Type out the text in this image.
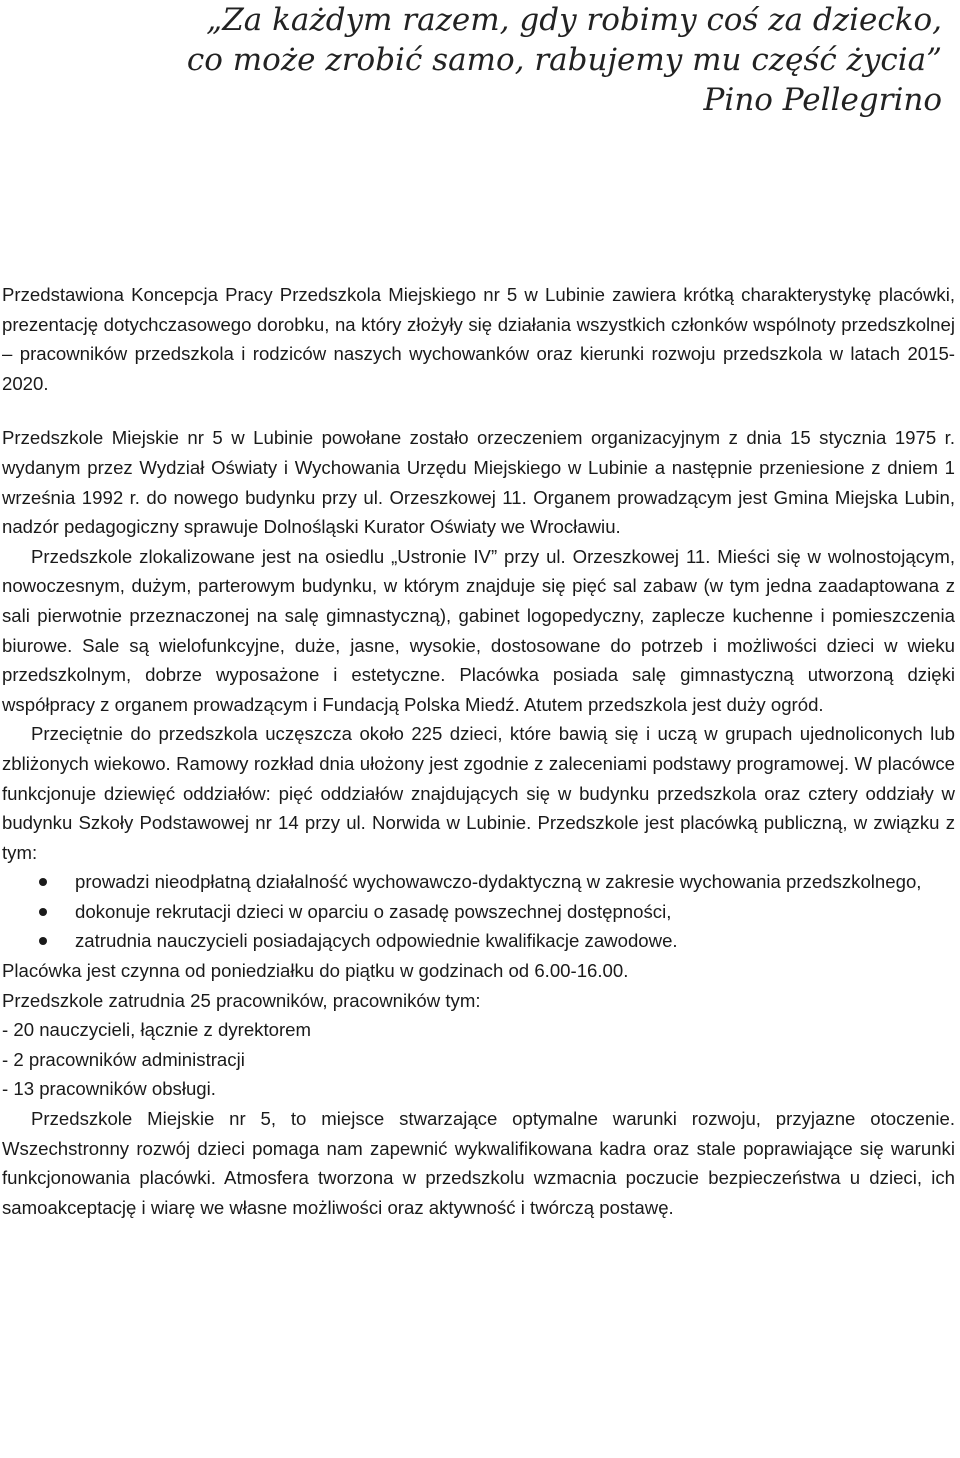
„Za każdym razem, gdy robimy coś za dziecko,
co może zrobić samo, rabujemy mu część życia”
Pino Pellegrino

Przedstawiona Koncepcja Pracy Przedszkola Miejskiego nr 5 w Lubinie zawiera krótką charakterystykę placówki, prezentację dotychczasowego dorobku, na który złożyły się działania wszystkich członków wspólnoty przedszkolnej – pracowników przedszkola i rodziców naszych wychowanków oraz kierunki rozwoju przedszkola w latach 2015-2020.

Przedszkole Miejskie nr 5 w Lubinie powołane zostało orzeczeniem organizacyjnym z dnia 15 stycznia 1975 r. wydanym przez Wydział Oświaty i Wychowania Urzędu Miejskiego w Lubinie a następnie przeniesione z dniem 1 września 1992 r. do nowego budynku przy ul. Orzeszkowej 11. Organem prowadzącym jest Gmina Miejska Lubin, nadzór pedagogiczny sprawuje Dolnośląski Kurator Oświaty we Wrocławiu.

Przedszkole zlokalizowane jest na osiedlu „Ustronie IV” przy ul. Orzeszkowej 11. Mieści się w wolnostojącym, nowoczesnym, dużym, parterowym budynku, w którym znajduje się pięć sal zabaw (w tym jedna zaadaptowana z sali pierwotnie przeznaczonej na salę gimnastyczną), gabinet logopedyczny, zaplecze kuchenne i pomieszczenia biurowe. Sale są wielofunkcyjne, duże, jasne, wysokie, dostosowane do potrzeb i możliwości dzieci w wieku przedszkolnym, dobrze wyposażone i estetyczne. Placówka posiada salę gimnastyczną utworzoną dzięki współpracy z organem prowadzącym i Fundacją Polska Miedź. Atutem przedszkola jest duży ogród.

Przeciętnie do przedszkola uczęszcza około 225 dzieci, które bawią się i uczą w grupach ujednoliconych lub zbliżonych wiekowo. Ramowy rozkład dnia ułożony jest zgodnie z zaleceniami podstawy programowej. W placówce funkcjonuje dziewięć oddziałów: pięć oddziałów znajdujących się w budynku przedszkola oraz cztery oddziały w budynku Szkoły Podstawowej nr 14 przy ul. Norwida w Lubinie. Przedszkole jest placówką publiczną, w związku z tym:

prowadzi nieodpłatną działalność wychowawczo-dydaktyczną w zakresie wychowania przedszkolnego,
dokonuje rekrutacji dzieci w oparciu o zasadę powszechnej dostępności,
zatrudnia nauczycieli posiadających odpowiednie kwalifikacje zawodowe.

Placówka jest czynna od poniedziałku do piątku w godzinach od 6.00-16.00.

Przedszkole zatrudnia 25 pracowników, pracowników tym:

- 20 nauczycieli, łącznie z dyrektorem

- 2 pracowników administracji

- 13 pracowników obsługi.

Przedszkole Miejskie nr 5, to miejsce stwarzające optymalne warunki rozwoju, przyjazne otoczenie. Wszechstronny rozwój dzieci pomaga nam zapewnić wykwalifikowana kadra oraz stale poprawiające się warunki funkcjonowania placówki. Atmosfera tworzona w przedszkolu wzmacnia poczucie bezpieczeństwa u dzieci, ich samoakceptację i wiarę we własne możliwości oraz aktywność i twórczą postawę.
